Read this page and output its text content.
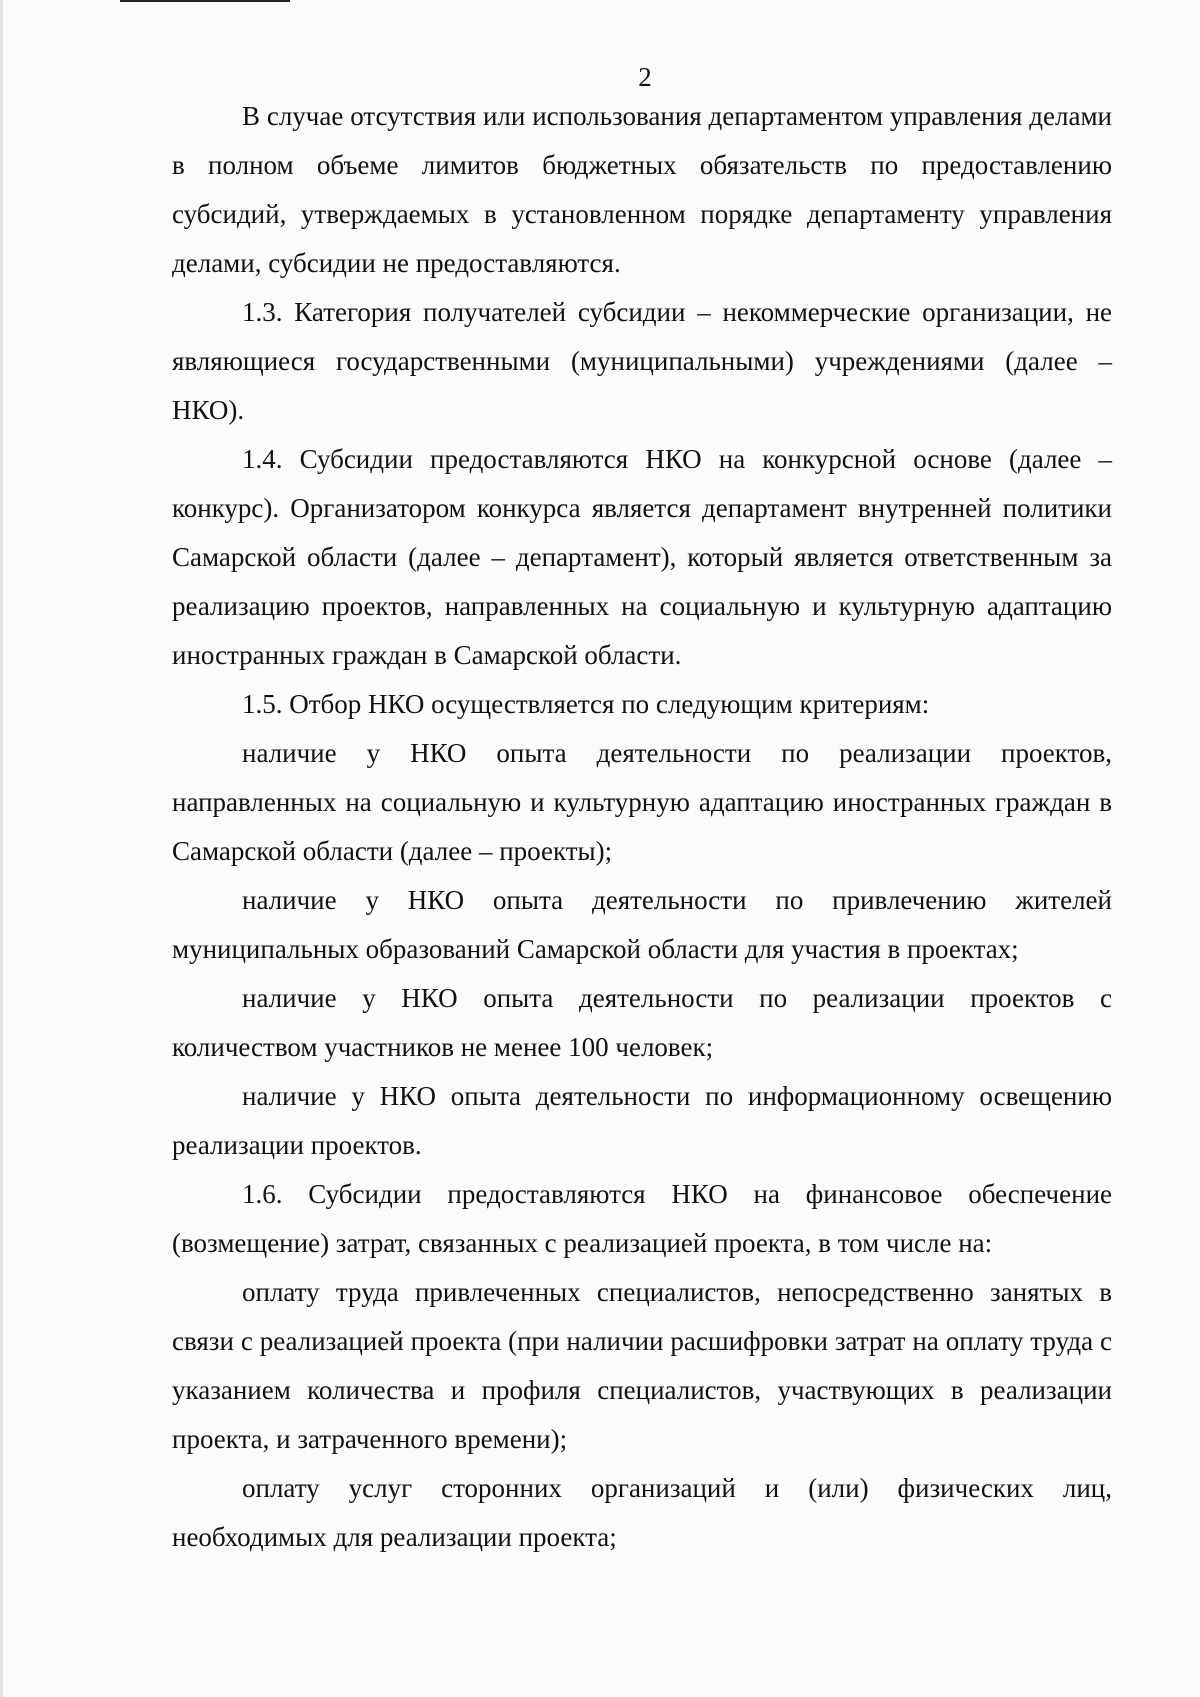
2

В случае отсутствия или использования департаментом управления делами в полном объеме лимитов бюджетных обязательств по предоставлению субсидий, утверждаемых в установленном порядке департаменту управления делами, субсидии не предоставляются.

1.3. Категория получателей субсидии – некоммерческие организации, не являющиеся государственными (муниципальными) учреждениями (далее – НКО).

1.4. Субсидии предоставляются НКО на конкурсной основе (далее – конкурс). Организатором конкурса является департамент внутренней политики Самарской области (далее – департамент), который является ответственным за реализацию проектов, направленных на социальную и культурную адаптацию иностранных граждан в Самарской области.

1.5. Отбор НКО осуществляется по следующим критериям:

наличие у НКО опыта деятельности по реализации проектов, направленных на социальную и культурную адаптацию иностранных граждан в Самарской области (далее – проекты);

наличие у НКО опыта деятельности по привлечению жителей муниципальных образований Самарской области для участия в проектах;

наличие у НКО опыта деятельности по реализации проектов с количеством участников не менее 100 человек;

наличие у НКО опыта деятельности по информационному освещению реализации проектов.

1.6. Субсидии предоставляются НКО на финансовое обеспечение (возмещение) затрат, связанных с реализацией проекта, в том числе на:

оплату труда привлеченных специалистов, непосредственно занятых в связи с реализацией проекта (при наличии расшифровки затрат на оплату труда с указанием количества и профиля специалистов, участвующих в реализации проекта, и затраченного времени);

оплату услуг сторонних организаций и (или) физических лиц, необходимых для реализации проекта;
